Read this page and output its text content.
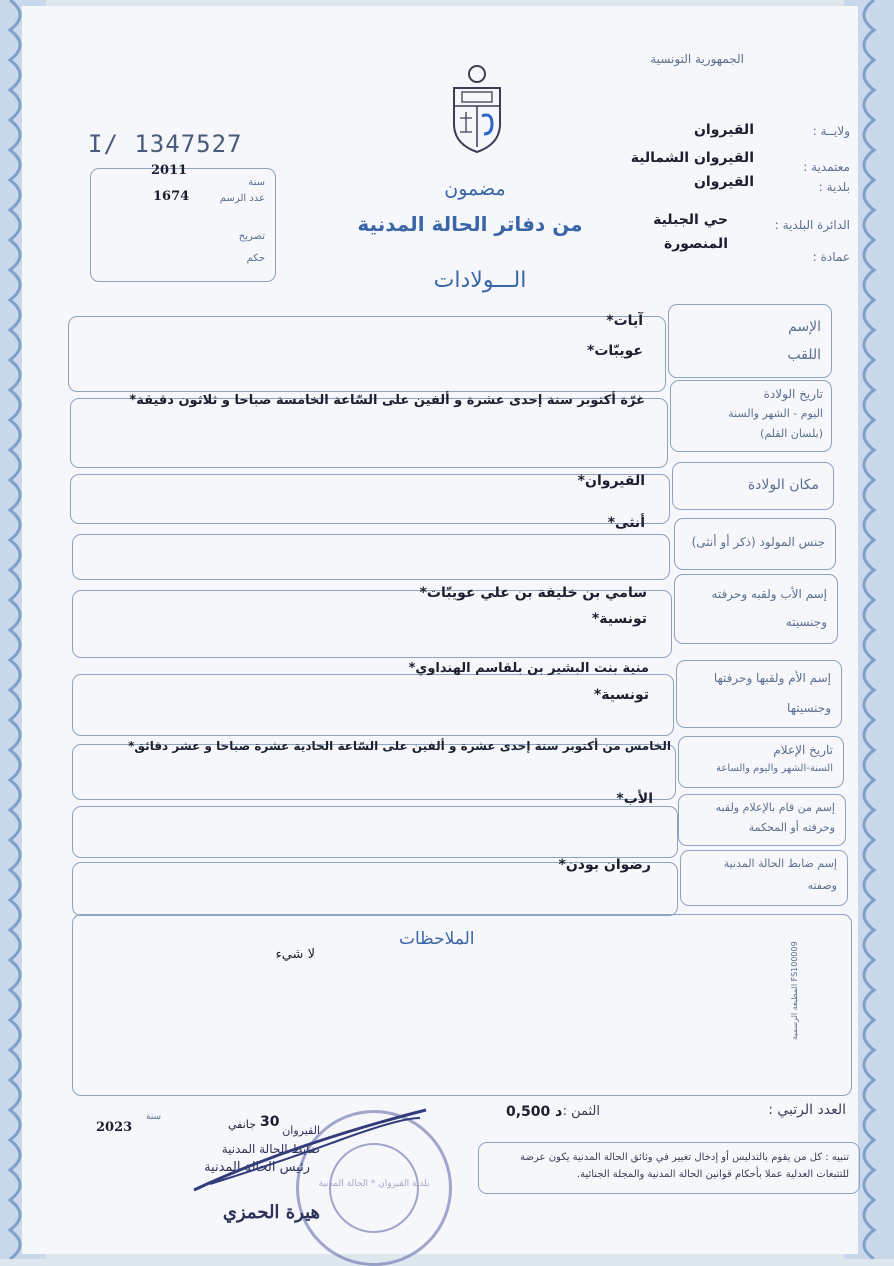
الجمهورية التونسية
ولايــة :
القيروان
معتمدية :
القيروان الشمالية
بلدية :
القيروان
الدائرة البلدية :
حي الجبلية
عمادة :
المنصورة
I/ 1347527
2011
1674
سنة
عدد الرسم
تصريح
حكم
مضمون
من دفاتر الحالة المدنية
الـــولادات
الإسم
اللقب
آيات*
عويبّات*
تاريخ الولادة
اليوم - الشهر والسنة
(بلسان القلم)
غرّة أكتوبر سنة إحدى عشرة و ألفين على السّاعة الخامسة صباحا و ثلاثون دقيقة*
مكان الولادة
القيروان*
جنس المولود (ذكر أو أنثى)
أنثى*
إسم الأب ولقبه وحرفته
وجنسيته
سامي بن خليفة بن علي عويبّات*
تونسية*
إسم الأم ولقبها وحرفتها
وجنسيتها
منية بنت البشير بن بلقاسم الهنداوي*
تونسية*
تاريخ الإعلام
السنة-الشهر واليوم والساعة
الخامس من أكتوبر سنة إحدى عشرة و ألفين على السّاعة الحادية عشرة صباحا و عشر دقائق*
إسم من قام بالإعلام ولقبه
وحرفته أو المحكمة
الأب*
إسم ضابط الحالة المدنية
وصفته
رضوان بودن*
الملاحظات
لا شيء
المطبعة الرسمية FS100009
العدد الرتبي :
الثمن :
0,500 د
2023
سنة	30
جانفي
تنبيه : كل من يقوم بالتدليس أو إدخال تغيير في وثائق الحالة المدنية يكون عرضة للتتبعات العدلية عملا بأحكام قوانين الحالة المدنية والمجلة الجنائية.
بلدية القيروان * الحالة المدنية
القيروان
ضابط الحالة المدنية
رئيس الحالة المدنية
هيرة الحمزي
